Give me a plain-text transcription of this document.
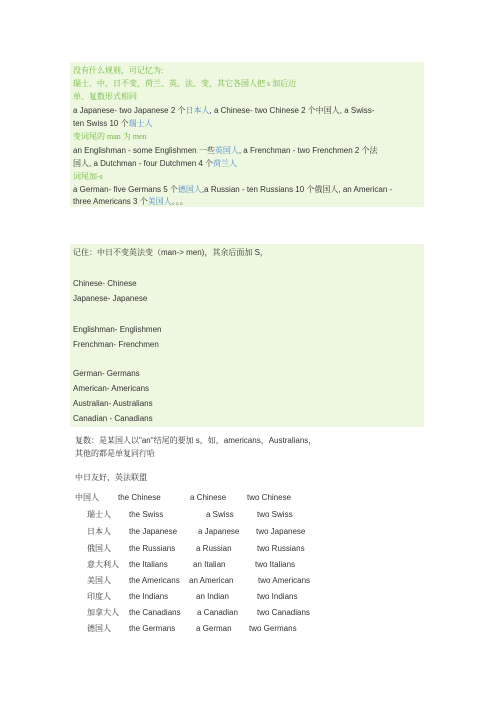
没有什么规则，可记忆为:
瑞士、中、日不变，荷兰、英、法、变，其它各国人把 s 加后边
单、复数形式相同
a Japanese- two Japanese 2 个日本人, a Chinese- two Chinese 2 个中国人, a Swiss-
ten Swiss 10 个瑞士人
变词尾的 man 为 men
an Englishman - some Englishmen 一些英国人, a Frenchman - two Frenchmen 2 个法
国人, a Dutchman - four Dutchmen 4 个荷兰人
词尾加-s
a German- five Germans 5 个德国人,a Russian - ten Russians 10 个俄国人, an American -
three Americans 3 个美国人。。。
记住：中日不变英法变（man-> men)，其余后面加 S，
Chinese- Chinese
Japanese- Japanese
Englishman- Englishmen
Frenchman- Frenchmen
German- Germans
American- Americans
Australian- Australians
Canadian - Canadians
复数：是某国人以"an"结尾的要加 s，如，americans，Australians，
其他的都是单复同行哈
中日友好，英法联盟
中国人 the Chinese	a Chinese	two Chinese
瑞士人 the Swiss	a Swiss	two Swiss
日本人 the Japanese	a Japanese two Japanese
俄国人 the Russians	a Russian	two Russians
意大利人 the Italians	an Italian	two Italians
美国人 the Americans an American	two Americans
印度人 the Indians	an Indian	two Indians
加拿大人 the Canadians a Canadian two Canadians
德国人 the Germans	a German two Germans
